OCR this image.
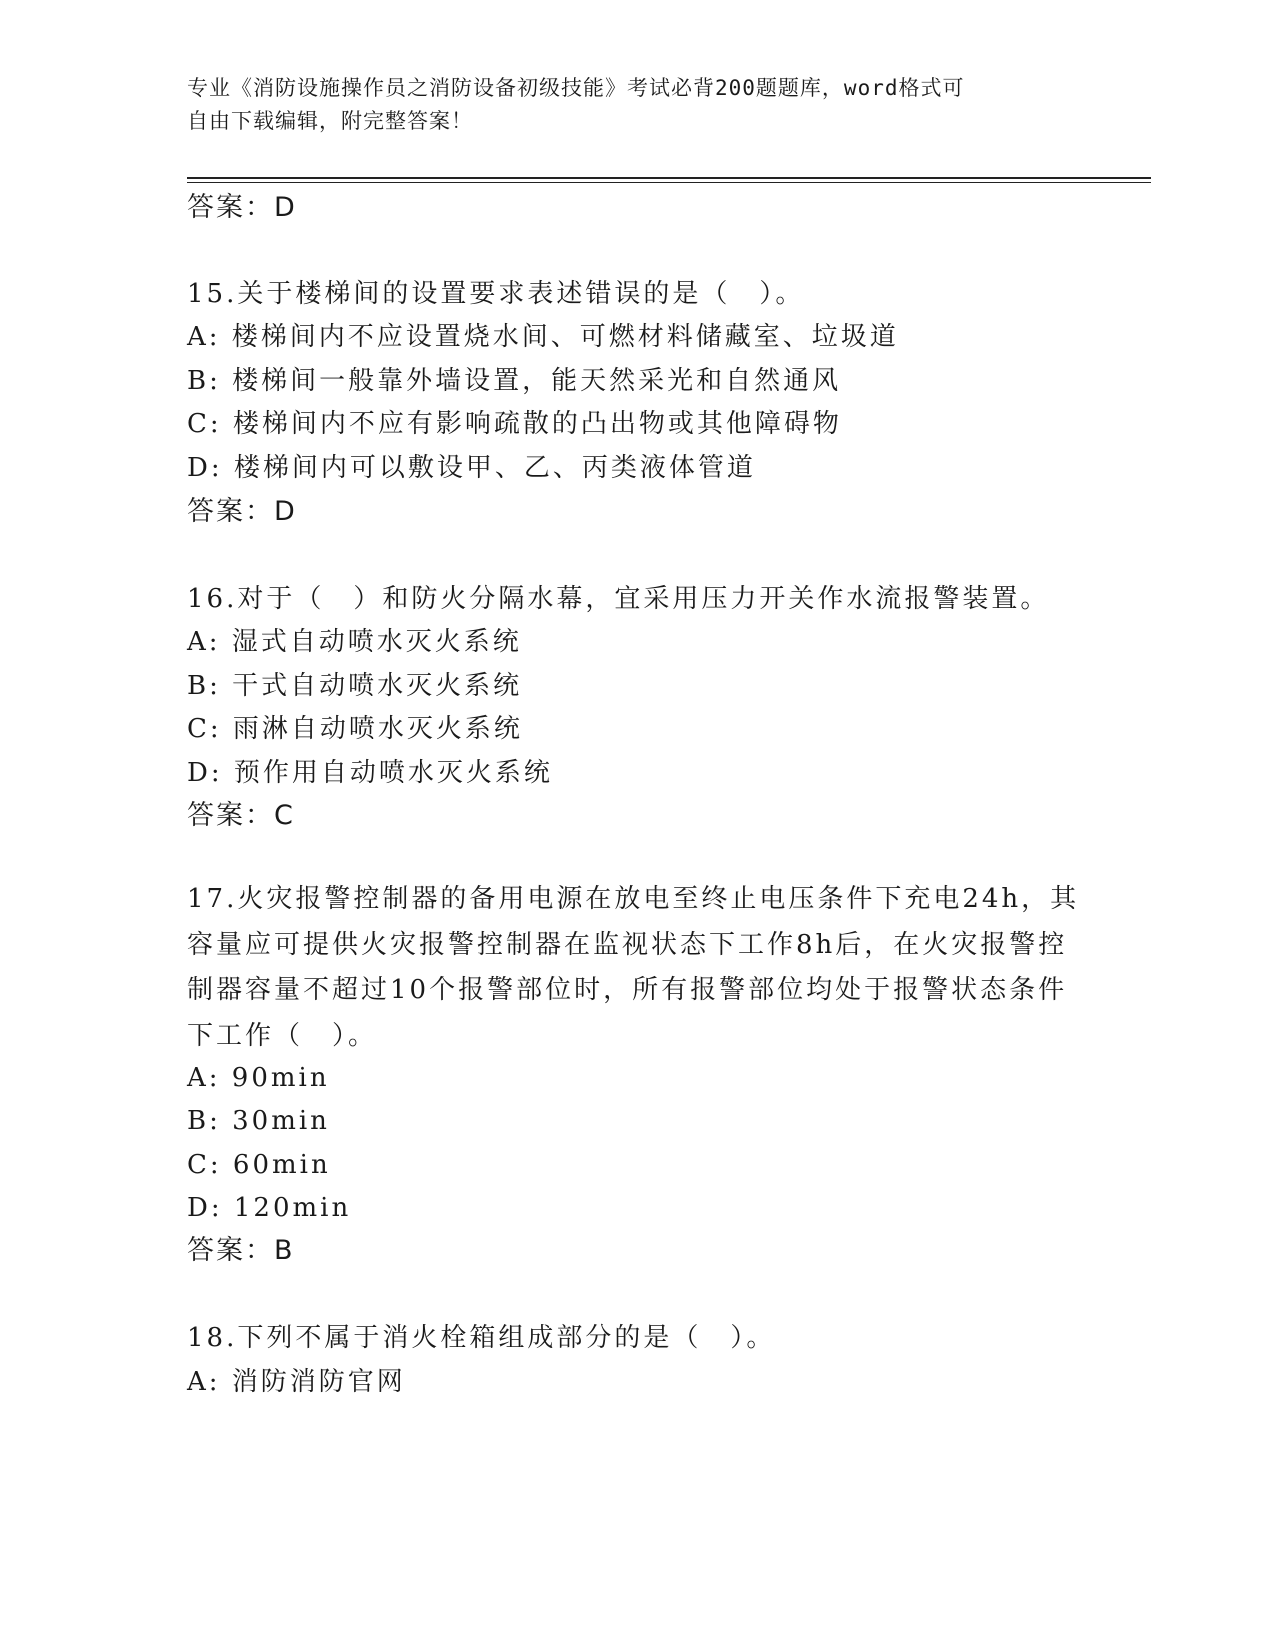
专业《消防设施操作员之消防设备初级技能》考试必背200题题库，word格式可
自由下载编辑，附完整答案！
答案：D
15.关于楼梯间的设置要求表述错误的是（　）。
A: 楼梯间内不应设置烧水间、可燃材料储藏室、垃圾道
B: 楼梯间一般靠外墙设置，能天然采光和自然通风
C: 楼梯间内不应有影响疏散的凸出物或其他障碍物
D: 楼梯间内可以敷设甲、乙、丙类液体管道
答案：D
16.对于（　）和防火分隔水幕，宜采用压力开关作水流报警装置。
A: 湿式自动喷水灭火系统
B: 干式自动喷水灭火系统
C: 雨淋自动喷水灭火系统
D: 预作用自动喷水灭火系统
答案：C
17.火灾报警控制器的备用电源在放电至终止电压条件下充电24h，其容量应可提供火灾报警控制器在监视状态下工作8h后，在火灾报警控制器容量不超过10个报警部位时，所有报警部位均处于报警状态条件下工作（　）。
A: 90min
B: 30min
C: 60min
D: 120min
答案：B
18.下列不属于消火栓箱组成部分的是（　）。
A: 消防消防官网
